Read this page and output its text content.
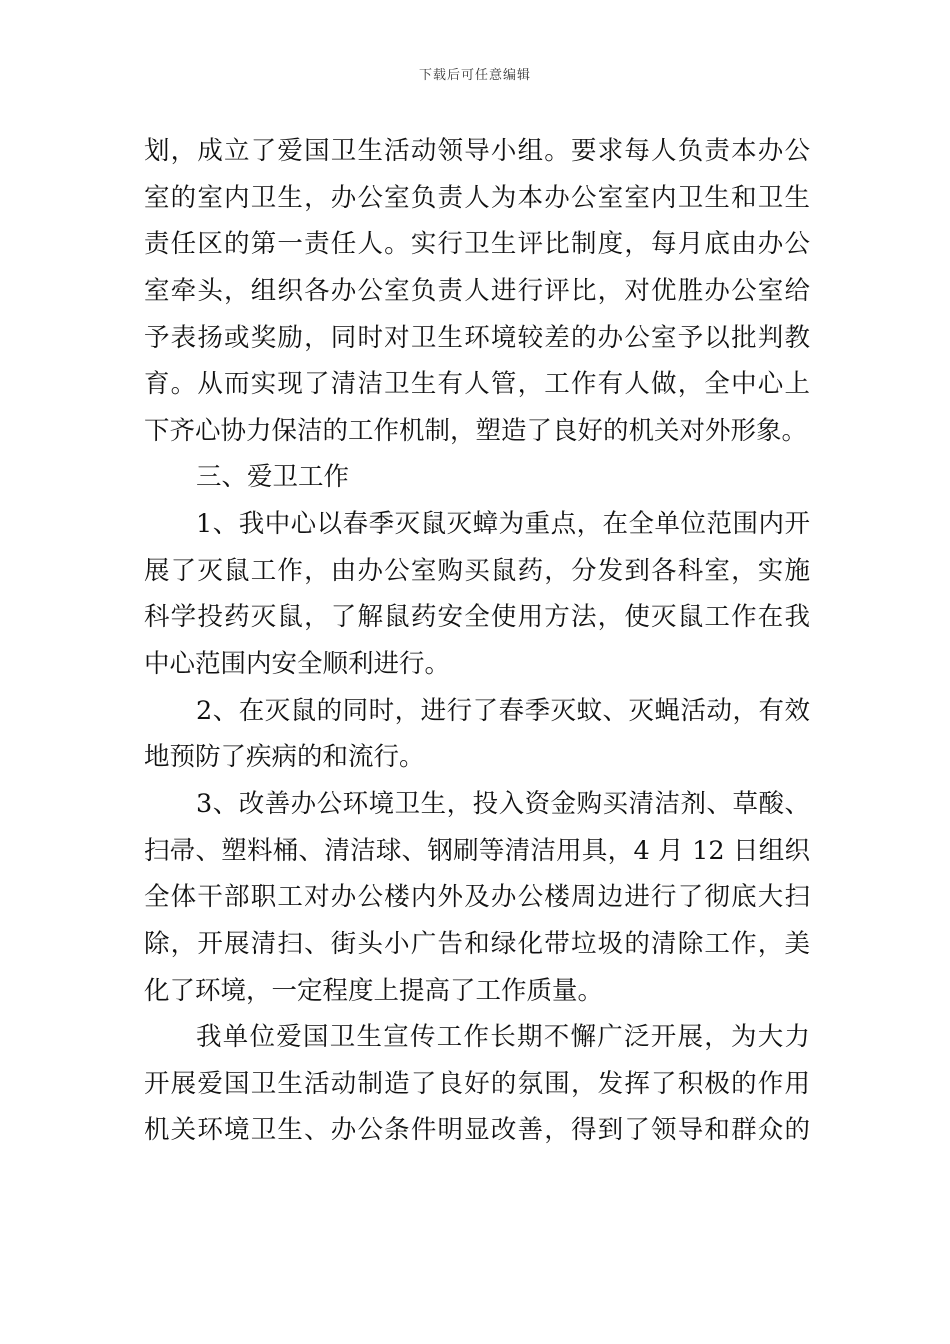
下载后可任意编辑
划，成立了爱国卫生活动领导小组。要求每人负责本办公
室的室内卫生，办公室负责人为本办公室室内卫生和卫生
责任区的第一责任人。实行卫生评比制度，每月底由办公
室牵头，组织各办公室负责人进行评比，对优胜办公室给
予表扬或奖励，同时对卫生环境较差的办公室予以批判教
育。从而实现了清洁卫生有人管，工作有人做，全中心上
下齐心协力保洁的工作机制，塑造了良好的机关对外形象。
三、爱卫工作
1、我中心以春季灭鼠灭蟑为重点，在全单位范围内开
展了灭鼠工作，由办公室购买鼠药，分发到各科室，实施
科学投药灭鼠，了解鼠药安全使用方法，使灭鼠工作在我
中心范围内安全顺利进行。
2、在灭鼠的同时，进行了春季灭蚊、灭蝇活动，有效
地预防了疾病的和流行。
3、改善办公环境卫生，投入资金购买清洁剂、草酸、
扫帚、塑料桶、清洁球、钢刷等清洁用具，4 月 12 日组织
全体干部职工对办公楼内外及办公楼周边进行了彻底大扫
除，开展清扫、街头小广告和绿化带垃圾的清除工作，美
化了环境，一定程度上提高了工作质量。
我单位爱国卫生宣传工作长期不懈广泛开展，为大力
开展爱国卫生活动制造了良好的氛围，发挥了积极的作用
机关环境卫生、办公条件明显改善，得到了领导和群众的
